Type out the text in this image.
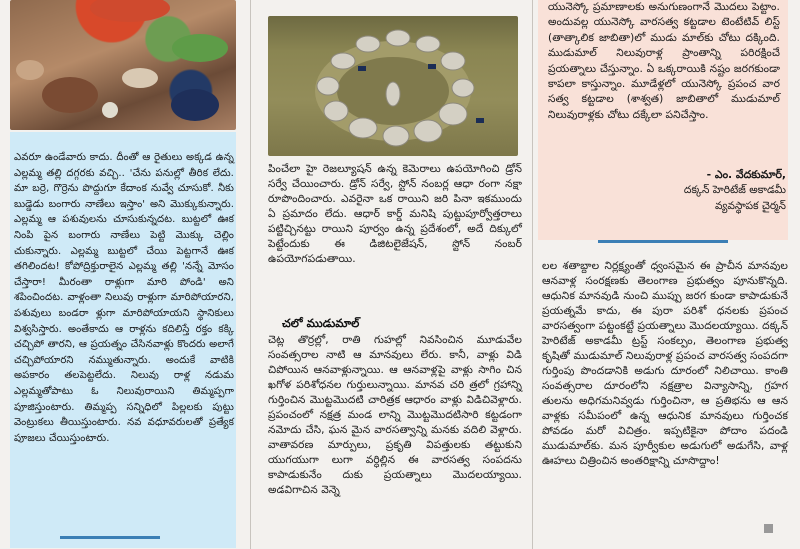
ఎవరూ ఉండేవారు కాదు. దీంతో ఆ రైతులు అక్కడ ఉన్న ఎల్లమ్మ తల్లి దగ్గరకు వచ్చి.. 'చేను పనుల్లో తీరిక లేదు. మా బర్రె, గొర్రెను పొద్దుగూ కేదాంక నువ్వే చూసుకో. నీకు బుడ్డెడు బంగారు నాణేలు ఇస్తాం' అని మొక్కుకున్నారు. ఎల్లమ్మ ఆ పశువులను చూసుకున్నదట. బుట్టలో ఊక నింపి పైన బంగారు నాణేలు పెట్టి మొక్కు చెల్లిం చుకున్నారు. ఎల్లమ్మ బుట్టలో చేయి పెట్టగానే ఊక తగిలిందట! కోపోద్రిక్తురాలైన ఎల్లమ్మ తల్లి 'నన్నే మోసం చేస్తారా! మీరంతా రాళ్లుగా మారి పోండి' అని శపించిందట. వాళ్లంతా నిలువు రాళ్లుగా మారిపోయారని, పశువులు బండరా ళ్లుగా మారిపోయాయని స్థానికులు విశ్వసిస్తారు. అంతేకాదు ఆ రాళ్లను కదిలిస్తే రక్తం కక్కి చచ్చిపో తారని, ఆ ప్రయత్నం చేసినవాళ్లు కొందరు అలాగే చచ్చిపోయారని నమ్ముతున్నారు. అందుకే వాటికి అపకారం తలపెట్టలేదు. నిలువు రాళ్ల నడుమ ఎల్లమ్మతోపాటు ఓ నిలువురాయిని తిమ్మప్పగా పూజిస్తుంటారు. తిమ్మప్ప సన్నిధిలో పిల్లలకు పుట్టు వెంట్రుకలు తీయిస్తుంటారు. నవ వధూవరులతో ప్రత్యేక పూజలు చేయిస్తుంటారు.

పించేలా హై రెజల్యూషన్ ఉన్న కెమెరాలు ఉపయోగించి డ్రోన్ సర్వే చేయించారు. డ్రోన్ సర్వే, స్టోన్ నంబర్ల ఆధా రంగా నక్షా రూపొందించారు. ఎవరైనా ఒక రాయిని జరి పినా ఇకముందు ఏ ప్రమాదం లేదు. ఆధార్ కార్డ్ మనిషి పుట్టుపూర్వోత్తరాలు పట్టిచ్చినట్టు రాయిని పూర్వం ఉన్న ప్రదేశంలో, అదే దిక్కులో పెట్టేందుకు ఈ డిజిటలైజేషన్, స్టోన్ నంబర్ ఉపయోగపడుతాయి.

చలో ముడుమాల్

చెట్ల తొర్రల్లో, రాతి గుహల్లో నివసించిన మూడువేల సంవత్సరాల నాటి ఆ మానవులు లేరు. కానీ, వాళ్లు విడి చిపోయిన ఆనవాళ్లున్నాయి. ఆ ఆనవాళ్లపై వాళ్లు సాగిం చిన ఖగోళ పరిశోధనల గుర్తులున్నాయి. మానవ చరి త్రలో గ్రహాన్ని గుర్తించిన మొట్టమొదటి చారిత్రక ఆధారం వాళ్లు విడిచివెళ్లారు. ప్రపంచంలో నక్షత్ర మండ లాన్ని మొట్టమొదటిసారి కట్టడంగా నమోదు చేసి, ఘన మైన వారసత్వాన్ని మనకు వదిలి వెళ్లారు. వాతావరణ మార్పులు, ప్రకృతి విపత్తులకు తట్టుకుని యుగయుగా లుగా వర్ధిల్లిన ఈ వారసత్వ సంపదను కాపాడుకునేం దుకు ప్రయత్నాలు మొదలయ్యాయి. అడవిగాచిన వెన్నె

యునెస్కో ప్రమాణాలకు అనుగుణంగానే మొదలు పెట్టాం. అందువల్ల యునెస్కో వారసత్వ కట్టడాల టెంటేటివ్ లిస్ట్ (తాత్కాలిక జాబితా)లో ముడు మాల్‌కు చోటు దక్కింది. ముడుమాల్ నిలువురాళ్ల ప్రాంతాన్ని పరిరక్షించే ప్రయత్నాలు చేస్తున్నాం. ఏ ఒక్కరాయికి నష్టం జరగకుండా కాపలా కాస్తున్నాం. మూడేళ్లలో యునెస్కో ప్రపంచ వార సత్వ కట్టడాల (శాశ్వత) జాబితాలో ముడుమాల్ నిలువురాళ్లకు చోటు దక్కేలా పనిచేస్తాం.

- ఎం. వేదకుమార్,
దక్కన్ హెరిటేజ్ అకాడమీ
వ్యవస్థాపక చైర్మన్

లల శతాబ్దాల నిర్లక్ష్యంతో ధ్వంసమైన ఈ ప్రాచీన మానవుల ఆనవాళ్ల సంరక్షణకు తెలంగాణ ప్రభుత్వం పూనుకొన్నది. ఆధునిక మానవుడి నుంచి ముప్పు జరగ కుండా కాపాడుకునే ప్రయత్నమే కాదు, ఈ పురా పరిశో ధనలకు ప్రపంచ వారసత్వంగా పట్టంకట్టే ప్రయత్నాలు మొదలయ్యాయి. దక్కన్ హెరిటేజ్ అకాడమీ ట్రస్ట్ సంకల్పం, తెలంగాణ ప్రభుత్వ కృషితో ముడుమాల్ నిలువురాళ్ల ప్రపంచ వారసత్వ సంపదగా గుర్తింపు పొందడానికి అడుగు దూరంలో నిలిచాయి. కాంతి సంవత్సరాల దూరంలోని నక్షత్రాల విన్యాసాన్ని, గ్రహగ తులను అధిగమనివ్వడు గుర్తించినా, ఆ ప్రతిభను ఆ ఆన వాళ్లకు సమీపంలో ఉన్న ఆధునిక మానవులు గుర్తించక పోవడం మరో విచిత్రం. ఇప్పటికైనా పోదాం పదండి ముడుమాల్‌కు. మన పూర్వీకుల అడుగులో అడుగేసి, వాళ్ల ఊహలు చిత్రించిన అంతరిక్షాన్ని చూసొద్దాం!
